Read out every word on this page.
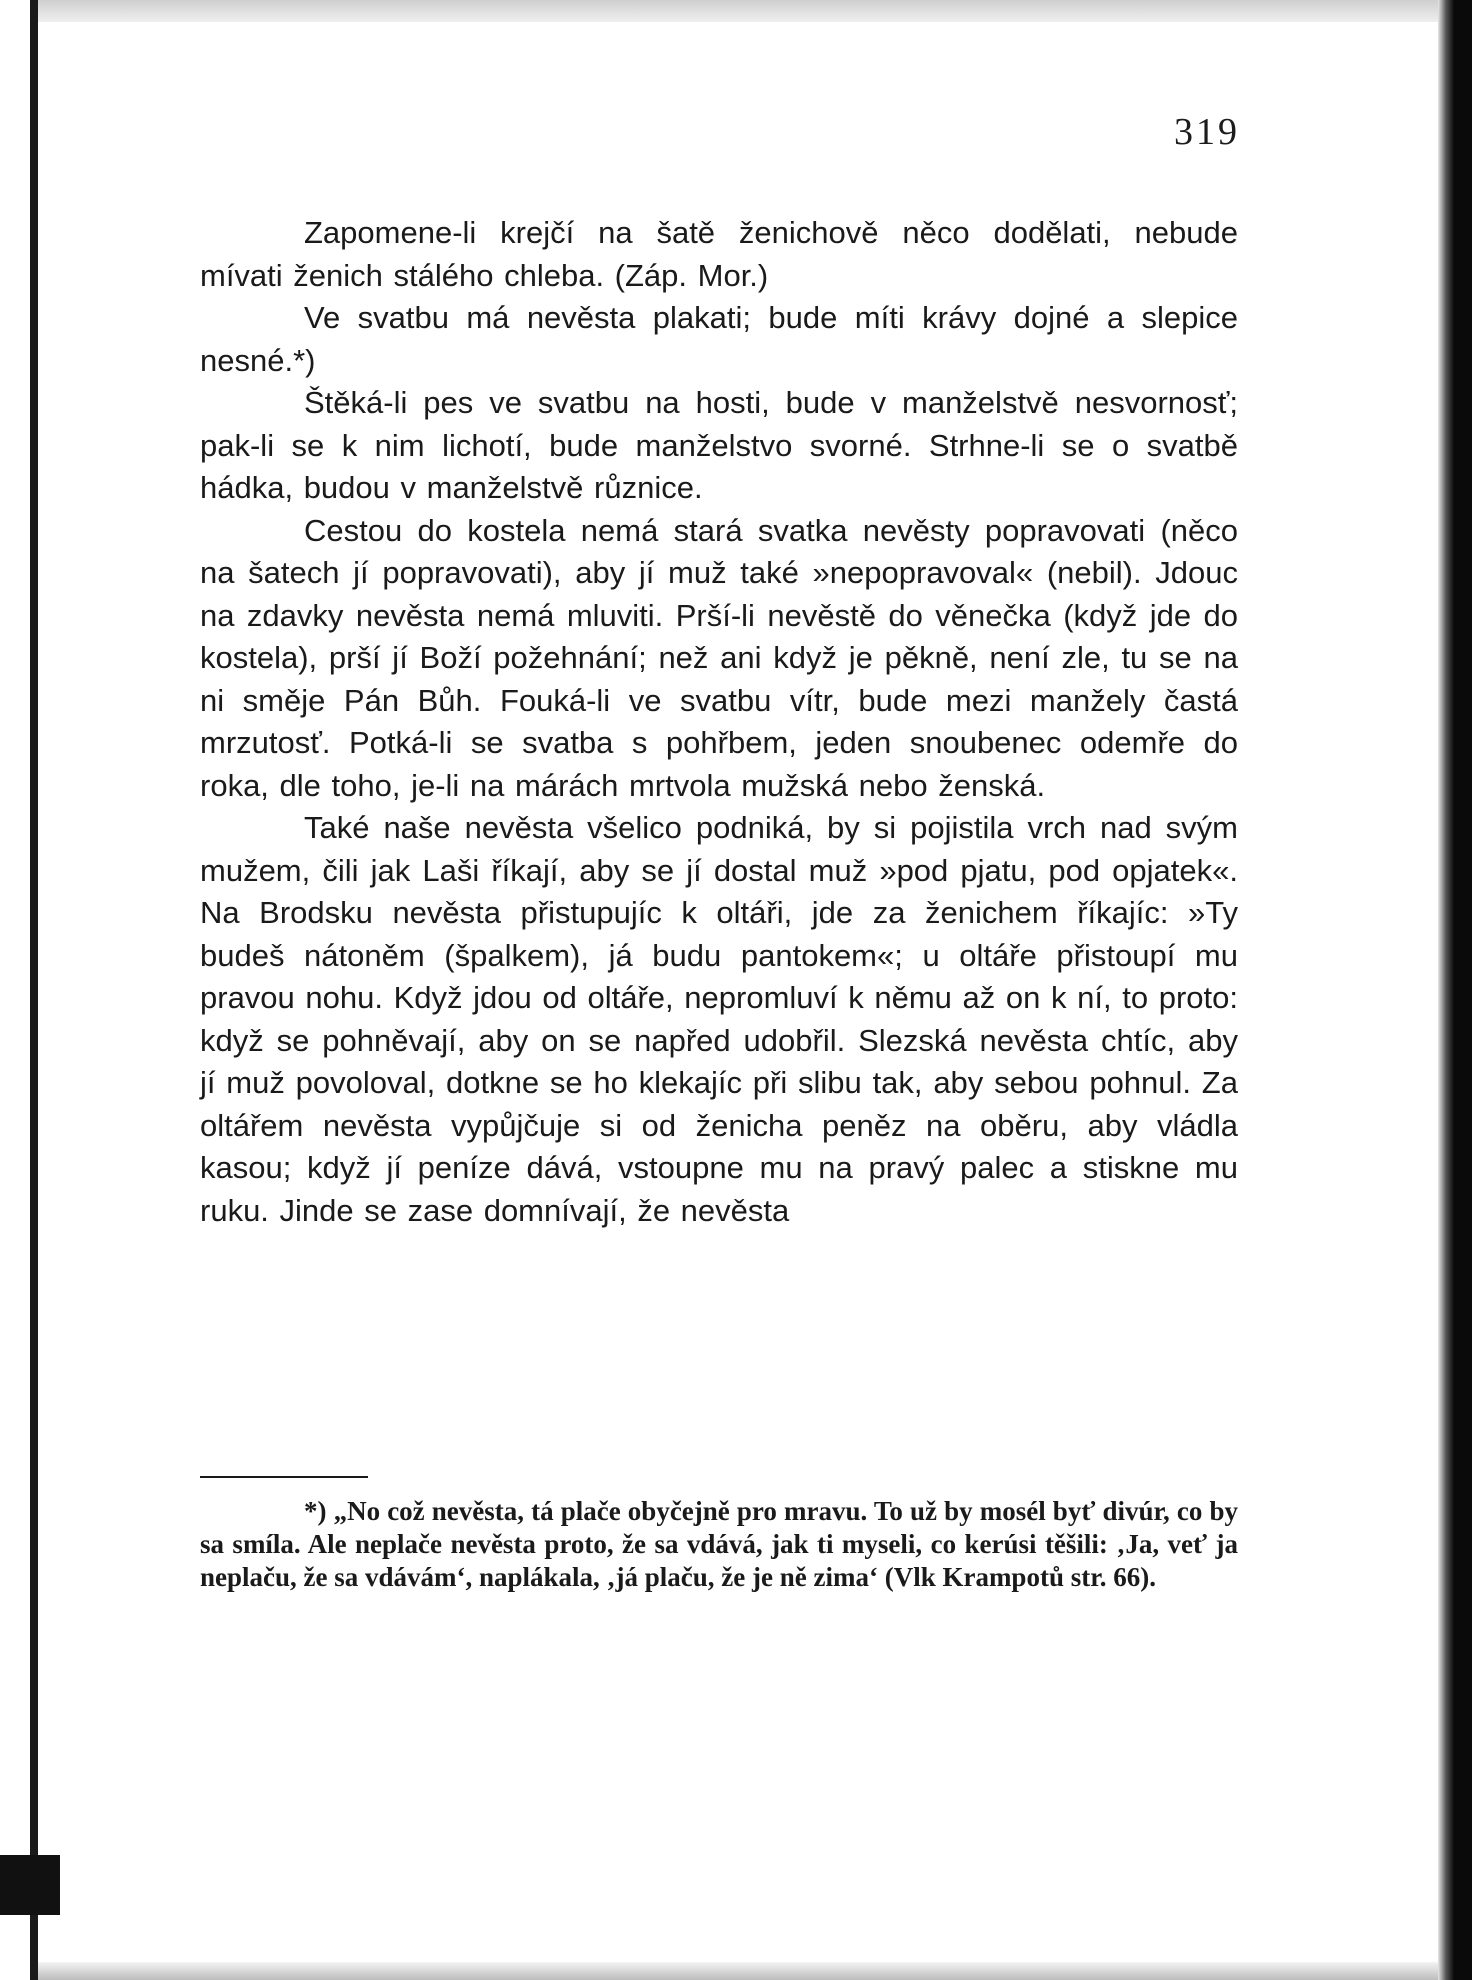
319

Zapomene-li krejčí na šatě ženichově něco dodělati, nebude mívati ženich stálého chleba. (Záp. Mor.)

Ve svatbu má nevěsta plakati; bude míti krávy dojné a slepice nesné.*)

Štěká-li pes ve svatbu na hosti, bude v manželstvě nesvornosť; pak-li se k nim lichotí, bude manželstvo svorné. Strhne-li se o svatbě hádka, budou v manželstvě různice.

Cestou do kostela nemá stará svatka nevěsty popravovati (něco na šatech jí popravovati), aby jí muž také »nepopravoval« (nebil). Jdouc na zdavky nevěsta nemá mluviti. Prší-li nevěstě do věnečka (když jde do kostela), prší jí Boží požehnání; než ani když je pěkně, není zle, tu se na ni směje Pán Bůh. Fouká-li ve svatbu vítr, bude mezi manžely častá mrzutosť. Potká-li se svatba s pohřbem, jeden snoubenec odemře do roka, dle toho, je-li na márách mrtvola mužská nebo ženská.

Také naše nevěsta všelico podniká, by si pojistila vrch nad svým mužem, čili jak Laši říkají, aby se jí dostal muž »pod pjatu, pod opjatek«. Na Brodsku nevěsta přistupujíc k oltáři, jde za ženichem říkajíc: »Ty budeš nátoněm (špalkem), já budu pantokem«; u oltáře přistoupí mu pravou nohu. Když jdou od oltáře, nepromluví k němu až on k ní, to proto: když se pohněvají, aby on se napřed udobřil. Slezská nevěsta chtíc, aby jí muž povoloval, dotkne se ho klekajíc při slibu tak, aby sebou pohnul. Za oltářem nevěsta vypůjčuje si od ženicha peněz na oběru, aby vládla kasou; když jí peníze dává, vstoupne mu na pravý palec a stiskne mu ruku. Jinde se zase domnívají, že nevěsta

*) „No což nevěsta, tá plače obyčejně pro mravu. To už by mosél byť divúr, co by sa smíla. Ale neplače nevěsta proto, že sa vdává, jak ti myseli, co kerúsi těšili: ‚Ja, veť ja neplaču, že sa vdávám‘, naplákala, ‚já plaču, že je ně zima‘ (Vlk Krampotů str. 66).
